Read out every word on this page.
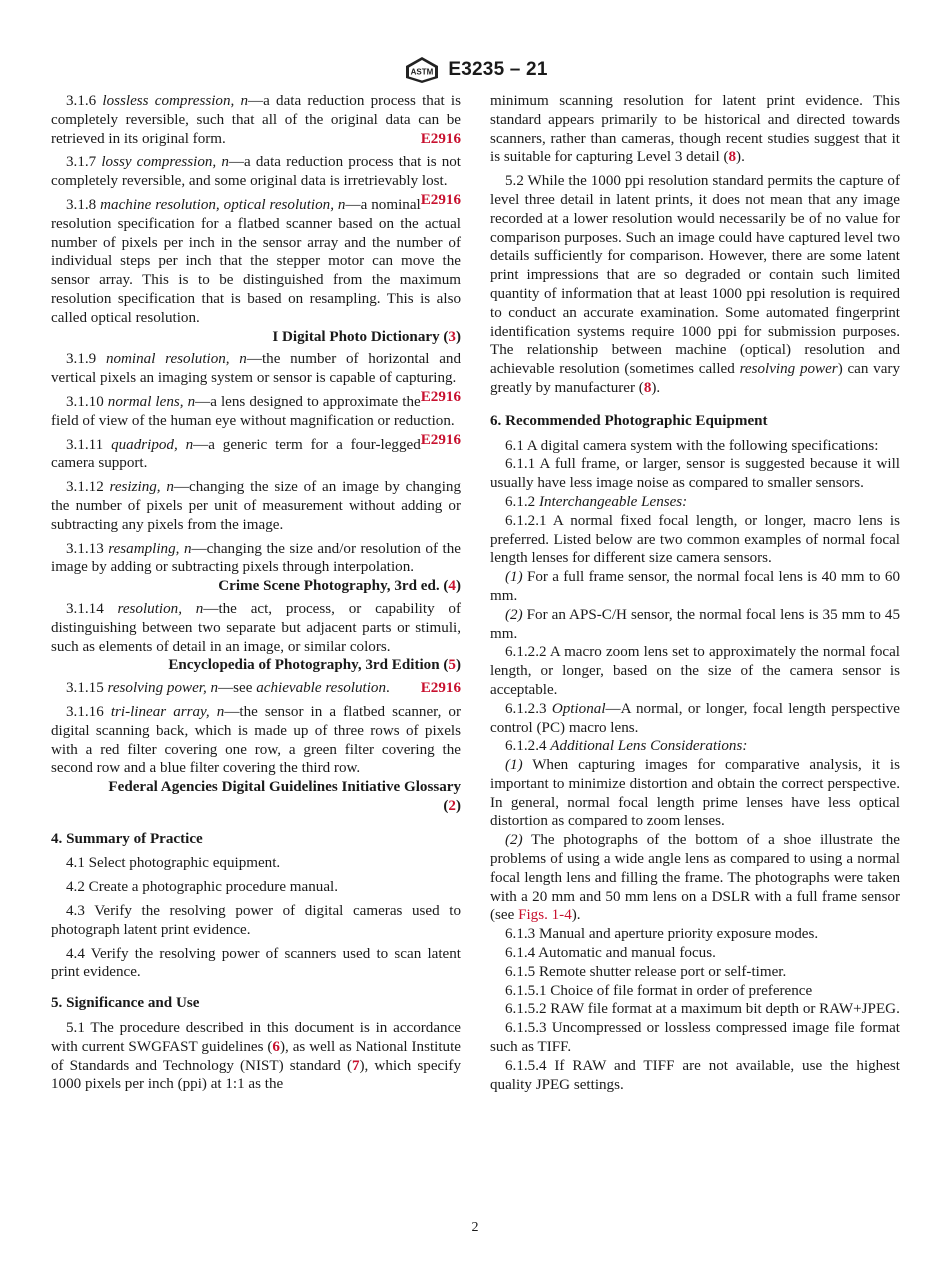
ASTM E3235 – 21

3.1.6 lossless compression, n—a data reduction process that is completely reversible, such that all of the original data can be retrieved in its original form.	E2916

3.1.7 lossy compression, n—a data reduction process that is not completely reversible, and some original data is irretrievably lost.
E2916

3.1.8 machine resolution, optical resolution, n—a nominal resolution specification for a flatbed scanner based on the actual number of pixels per inch in the sensor array and the number of individual steps per inch that the stepper motor can move the sensor array. This is to be distinguished from the maximum resolution specification that is based on resampling. This is also called optical resolution.

I Digital Photo Dictionary (3)

3.1.9 nominal resolution, n—the number of horizontal and vertical pixels an imaging system or sensor is capable of capturing.
E2916

3.1.10 normal lens, n—a lens designed to approximate the field of view of the human eye without magnification or reduction.
E2916

3.1.11 quadripod, n—a generic term for a four-legged camera support.

3.1.12 resizing, n—changing the size of an image by changing the number of pixels per unit of measurement without adding or subtracting any pixels from the image.

3.1.13 resampling, n—changing the size and/or resolution of the image by adding or subtracting pixels through interpolation.

Crime Scene Photography, 3rd ed. (4)

3.1.14 resolution, n—the act, process, or capability of distinguishing between two separate but adjacent parts or stimuli, such as elements of detail in an image, or similar colors.

Encyclopedia of Photography, 3rd Edition (5)

3.1.15 resolving power, n—see achievable resolution. E2916

3.1.16 tri-linear array, n—the sensor in a flatbed scanner, or digital scanning back, which is made up of three rows of pixels with a red filter covering one row, a green filter covering the second row and a blue filter covering the third row.

Federal Agencies Digital Guidelines Initiative Glossary
(2)
4. Summary of Practice

4.1 Select photographic equipment.

4.2 Create a photographic procedure manual.

4.3 Verify the resolving power of digital cameras used to photograph latent print evidence.

4.4 Verify the resolving power of scanners used to scan latent print evidence.

5. Significance and Use

5.1 The procedure described in this document is in accordance with current SWGFAST guidelines (6), as well as National Institute of Standards and Technology (NIST) standard (7), which specify 1000 pixels per inch (ppi) at 1:1 as the

minimum scanning resolution for latent print evidence. This standard appears primarily to be historical and directed towards scanners, rather than cameras, though recent studies suggest that it is suitable for capturing Level 3 detail (8).

5.2 While the 1000 ppi resolution standard permits the capture of level three detail in latent prints, it does not mean that any image recorded at a lower resolution would necessarily be of no value for comparison purposes. Such an image could have captured level two details sufficiently for comparison. However, there are some latent print impressions that are so degraded or contain such limited quantity of information that at least 1000 ppi resolution is required to conduct an accurate examination. Some automated fingerprint identification systems require 1000 ppi for submission purposes. The relationship between machine (optical) resolution and achievable resolution (sometimes called resolving power) can vary greatly by manufacturer (8).

6. Recommended Photographic Equipment

6.1 A digital camera system with the following specifications:

6.1.1 A full frame, or larger, sensor is suggested because it will usually have less image noise as compared to smaller sensors.

6.1.2 Interchangeable Lenses:

6.1.2.1 A normal fixed focal length, or longer, macro lens is preferred. Listed below are two common examples of normal focal length lenses for different size camera sensors.

(1) For a full frame sensor, the normal focal lens is 40 mm to 60 mm.

(2) For an APS-C/H sensor, the normal focal lens is 35 mm to 45 mm.

6.1.2.2 A macro zoom lens set to approximately the normal focal length, or longer, based on the size of the camera sensor is acceptable.

6.1.2.3 Optional—A normal, or longer, focal length perspective control (PC) macro lens.

6.1.2.4 Additional Lens Considerations:

(1) When capturing images for comparative analysis, it is important to minimize distortion and obtain the correct perspective. In general, normal focal length prime lenses have less optical distortion as compared to zoom lenses.

(2) The photographs of the bottom of a shoe illustrate the problems of using a wide angle lens as compared to using a normal focal length lens and filling the frame. The photographs were taken with a 20 mm and 50 mm lens on a DSLR with a full frame sensor (see Figs. 1-4).

6.1.3 Manual and aperture priority exposure modes.

6.1.4 Automatic and manual focus.

6.1.5 Remote shutter release port or self-timer.

6.1.5.1 Choice of file format in order of preference

6.1.5.2 RAW file format at a maximum bit depth or RAW+JPEG.

6.1.5.3 Uncompressed or lossless compressed image file format such as TIFF.

6.1.5.4 If RAW and TIFF are not available, use the highest quality JPEG settings.

2
